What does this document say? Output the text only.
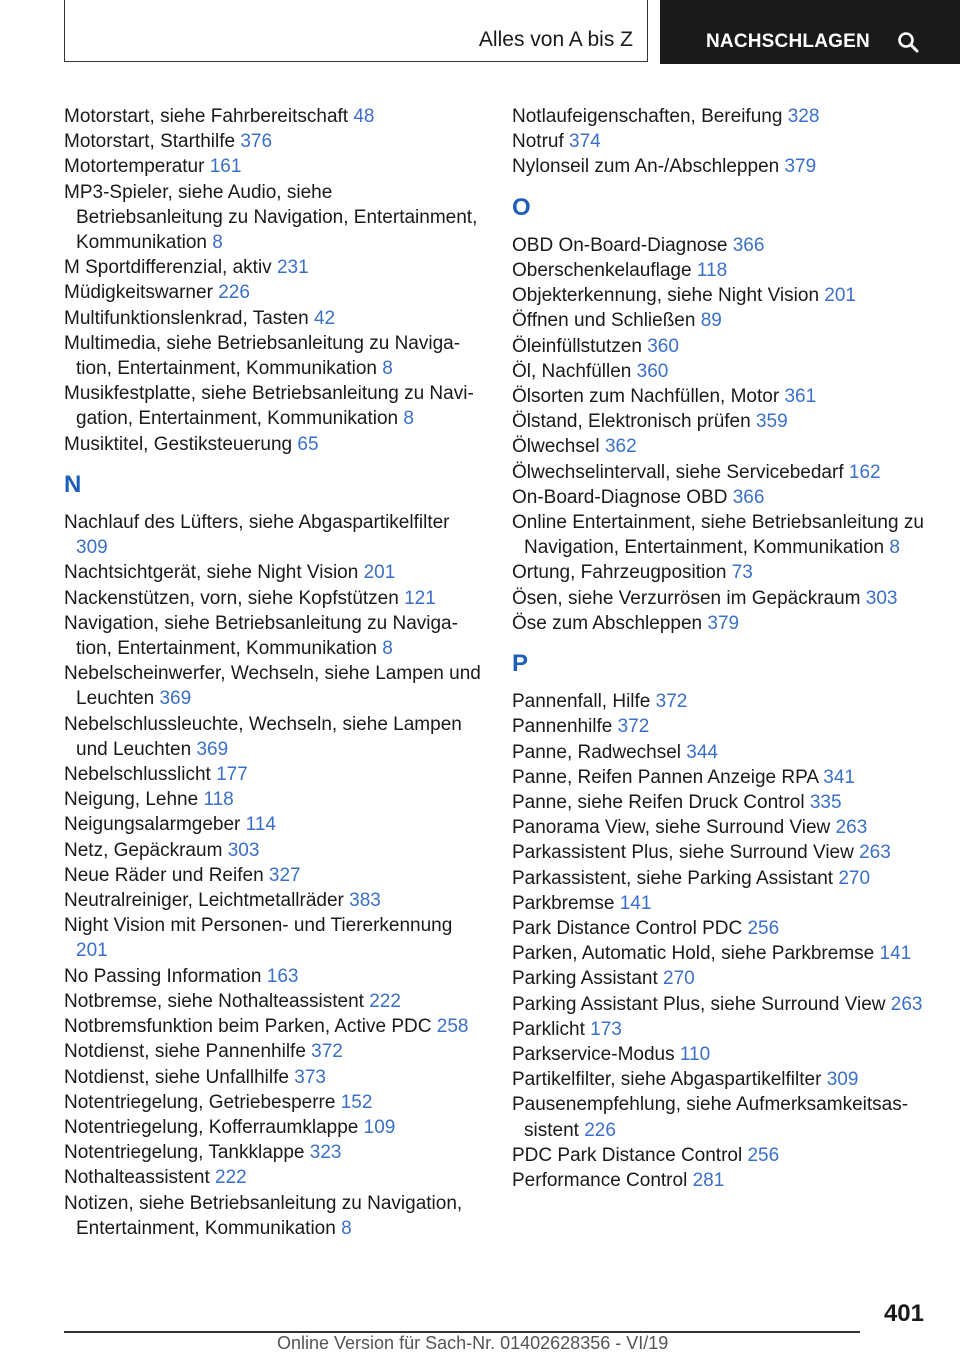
Alles von A bis Z	NACHSCHLAGEN
Motorstart, siehe Fahrbereitschaft 48
Motorstart, Starthilfe 376
Motortemperatur 161
MP3-Spieler, siehe Audio, siehe Betriebsanleitung zu Navigation, Entertainment, Kommunikation 8
M Sportdifferenzial, aktiv 231
Müdigkeitswarner 226
Multifunktionslenkrad, Tasten 42
Multimedia, siehe Betriebsanleitung zu Navigation, Entertainment, Kommunikation 8
Musikfestplatte, siehe Betriebsanleitung zu Navigation, Entertainment, Kommunikation 8
Musiktitel, Gestiksteuerung 65
N
Nachlauf des Lüfters, siehe Abgaspartikelfilter 309
Nachtsichtgerät, siehe Night Vision 201
Nackenstützen, vorn, siehe Kopfstützen 121
Navigation, siehe Betriebsanleitung zu Navigation, Entertainment, Kommunikation 8
Nebelscheinwerfer, Wechseln, siehe Lampen und Leuchten 369
Nebelschlussleuchte, Wechseln, siehe Lampen und Leuchten 369
Nebelschlusslicht 177
Neigung, Lehne 118
Neigungsalarmgeber 114
Netz, Gepäckraum 303
Neue Räder und Reifen 327
Neutralreiniger, Leichtmetallräder 383
Night Vision mit Personen- und Tiererkennung 201
No Passing Information 163
Notbremse, siehe Nothalteassistent 222
Notbremsfunktion beim Parken, Active PDC 258
Notdienst, siehe Pannenhilfe 372
Notdienst, siehe Unfallhilfe 373
Notentriegelung, Getriebesperre 152
Notentriegelung, Kofferraumklappe 109
Notentriegelung, Tankklappe 323
Nothalteassistent 222
Notizen, siehe Betriebsanleitung zu Navigation, Entertainment, Kommunikation 8
Notlaufeigenschaften, Bereifung 328
Notruf 374
Nylonseil zum An-/Abschleppen 379
O
OBD On-Board-Diagnose 366
Oberschenkelauflage 118
Objekterkennung, siehe Night Vision 201
Öffnen und Schließen 89
Öleinfüllstutzen 360
Öl, Nachfüllen 360
Ölsorten zum Nachfüllen, Motor 361
Ölstand, Elektronisch prüfen 359
Ölwechsel 362
Ölwechselintervall, siehe Servicebedarf 162
On-Board-Diagnose OBD 366
Online Entertainment, siehe Betriebsanleitung zu Navigation, Entertainment, Kommunikation 8
Ortung, Fahrzeugposition 73
Ösen, siehe Verzurrösen im Gepäckraum 303
Öse zum Abschleppen 379
P
Pannenfall, Hilfe 372
Pannenhilfe 372
Panne, Radwechsel 344
Panne, Reifen Pannen Anzeige RPA 341
Panne, siehe Reifen Druck Control 335
Panorama View, siehe Surround View 263
Parkassistent Plus, siehe Surround View 263
Parkassistent, siehe Parking Assistant 270
Parkbremse 141
Park Distance Control PDC 256
Parken, Automatic Hold, siehe Parkbremse 141
Parking Assistant 270
Parking Assistant Plus, siehe Surround View 263
Parklicht 173
Parkservice-Modus 110
Partikelfilter, siehe Abgaspartikelfilter 309
Pausenempfehlung, siehe Aufmerksamkeitsassistent 226
PDC Park Distance Control 256
Performance Control 281
401
Online Version für Sach-Nr. 01402628356 - VI/19
